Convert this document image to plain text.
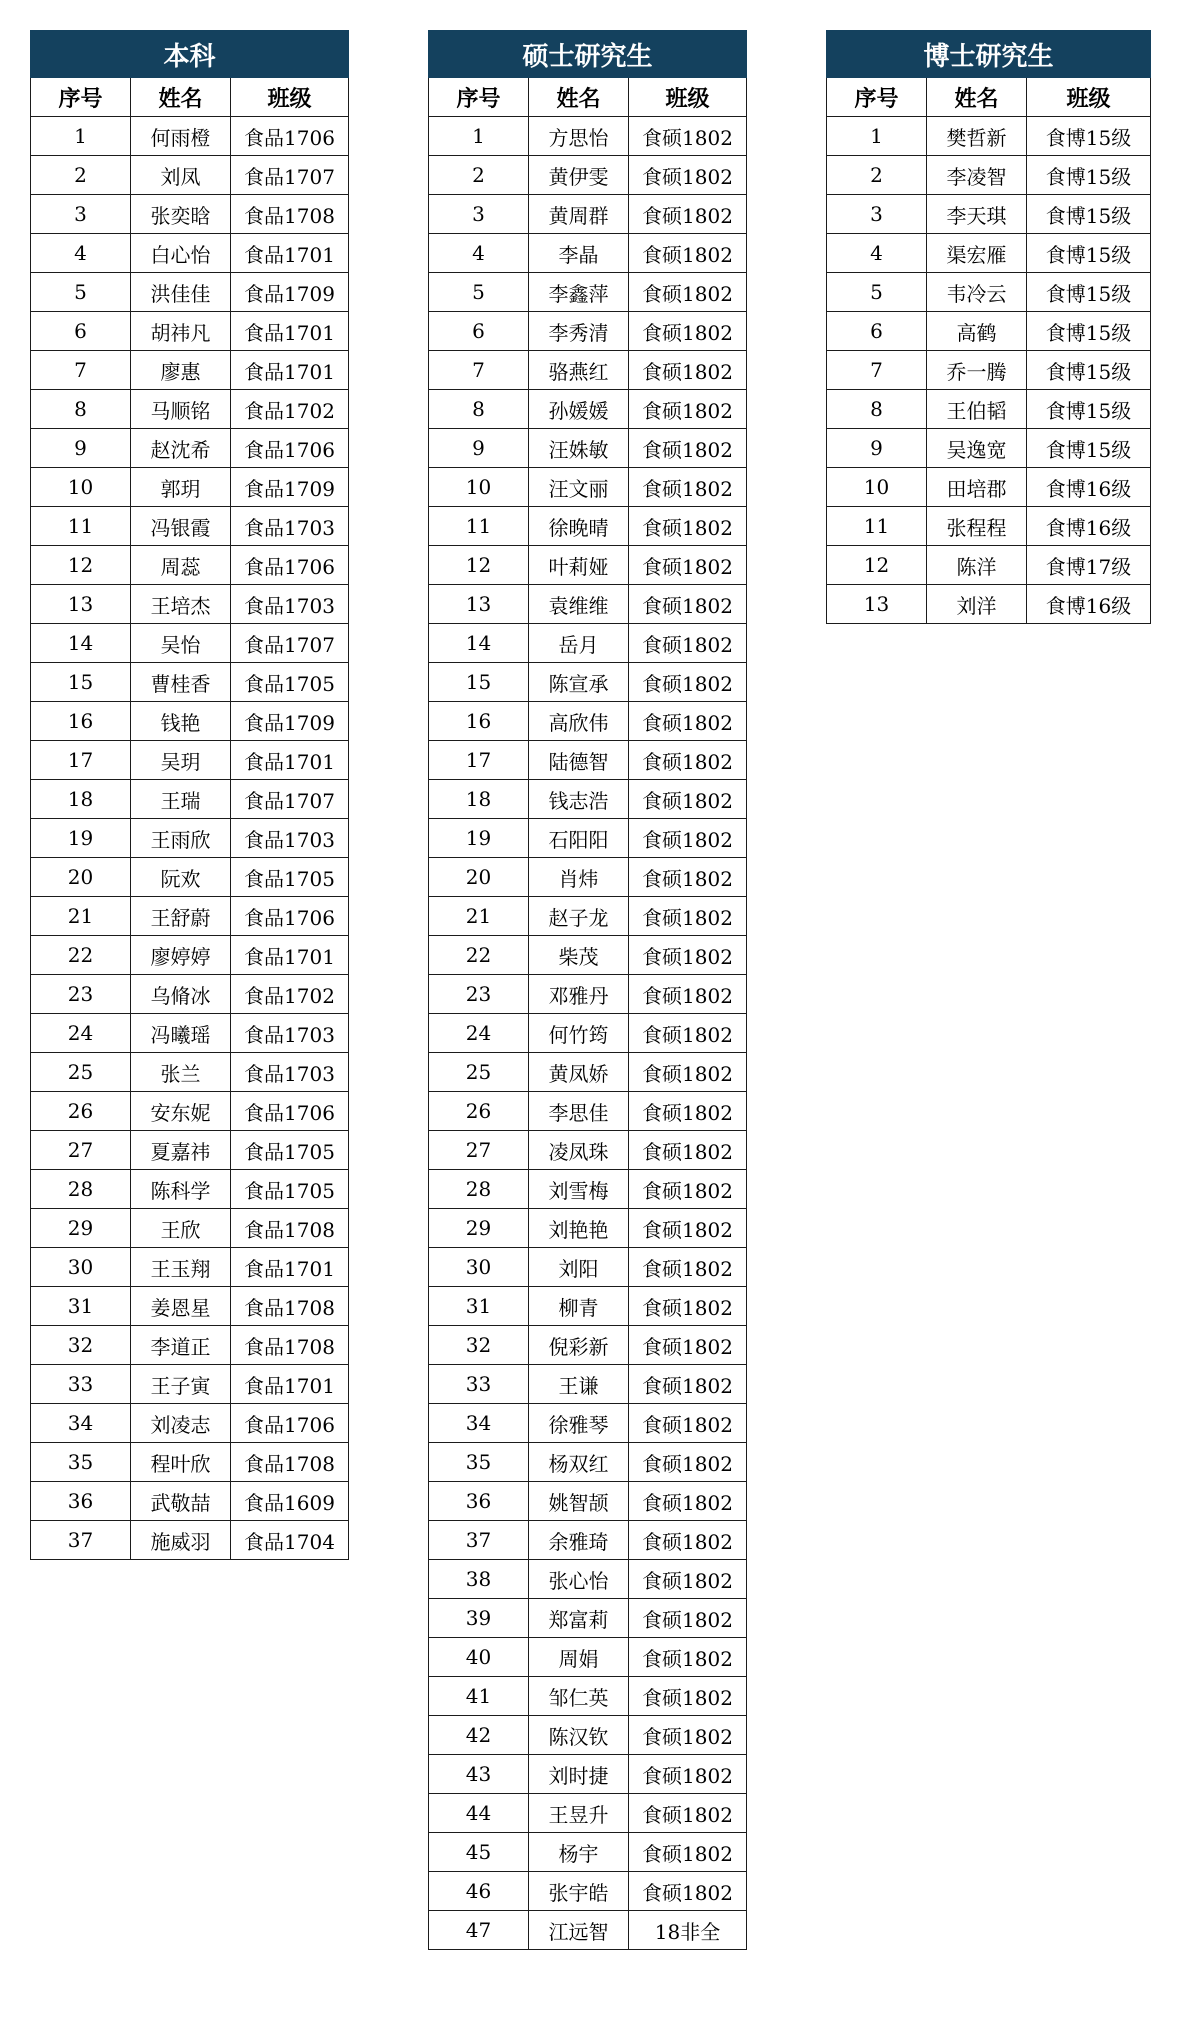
本科		
序号	姓名	班级
1	何雨橙	食品1706
2	刘凤	食品1707
3	张奕晗	食品1708
4	白心怡	食品1701
5	洪佳佳	食品1709
6	胡祎凡	食品1701
7	廖惠	食品1701
8	马顺铭	食品1702
9	赵沈希	食品1706
10	郭玥	食品1709
11	冯银霞	食品1703
12	周蕊	食品1706
13	王培杰	食品1703
14	吴怡	食品1707
15	曹桂香	食品1705
16	钱艳	食品1709
17	吴玥	食品1701
18	王瑞	食品1707
19	王雨欣	食品1703
20	阮欢	食品1705
21	王舒蔚	食品1706
22	廖婷婷	食品1701
23	乌脩冰	食品1702
24	冯曦瑶	食品1703
25	张兰	食品1703
26	安东妮	食品1706
27	夏嘉祎	食品1705
28	陈科学	食品1705
29	王欣	食品1708
30	王玉翔	食品1701
31	姜恩星	食品1708
32	李道正	食品1708
33	王子寅	食品1701
34	刘凌志	食品1706
35	程叶欣	食品1708
36	武敬喆	食品1609
37	施威羽	食品1704
硕士研究生		
序号	姓名	班级
1	方思怡	食硕1802
2	黄伊雯	食硕1802
3	黄周群	食硕1802
4	李晶	食硕1802
5	李鑫萍	食硕1802
6	李秀清	食硕1802
7	骆燕红	食硕1802
8	孙媛媛	食硕1802
9	汪姝敏	食硕1802
10	汪文丽	食硕1802
11	徐晚晴	食硕1802
12	叶莉娅	食硕1802
13	袁维维	食硕1802
14	岳月	食硕1802
15	陈宣承	食硕1802
16	高欣伟	食硕1802
17	陆德智	食硕1802
18	钱志浩	食硕1802
19	石阳阳	食硕1802
20	肖炜	食硕1802
21	赵子龙	食硕1802
22	柴茂	食硕1802
23	邓雅丹	食硕1802
24	何竹筠	食硕1802
25	黄凤娇	食硕1802
26	李思佳	食硕1802
27	凌凤珠	食硕1802
28	刘雪梅	食硕1802
29	刘艳艳	食硕1802
30	刘阳	食硕1802
31	柳青	食硕1802
32	倪彩新	食硕1802
33	王谦	食硕1802
34	徐雅琴	食硕1802
35	杨双红	食硕1802
36	姚智颉	食硕1802
37	余雅琦	食硕1802
38	张心怡	食硕1802
39	郑富莉	食硕1802
40	周娟	食硕1802
41	邹仁英	食硕1802
42	陈汉钦	食硕1802
43	刘时捷	食硕1802
44	王昱升	食硕1802
45	杨宇	食硕1802
46	张宇皓	食硕1802
47	江远智	18非全
博士研究生		
序号	姓名	班级
1	樊哲新	食博15级
2	李凌智	食博15级
3	李天琪	食博15级
4	渠宏雁	食博15级
5	韦冷云	食博15级
6	高鹤	食博15级
7	乔一腾	食博15级
8	王伯韬	食博15级
9	吴逸宽	食博15级
10	田培郡	食博16级
11	张程程	食博16级
12	陈洋	食博17级
13	刘洋	食博16级
